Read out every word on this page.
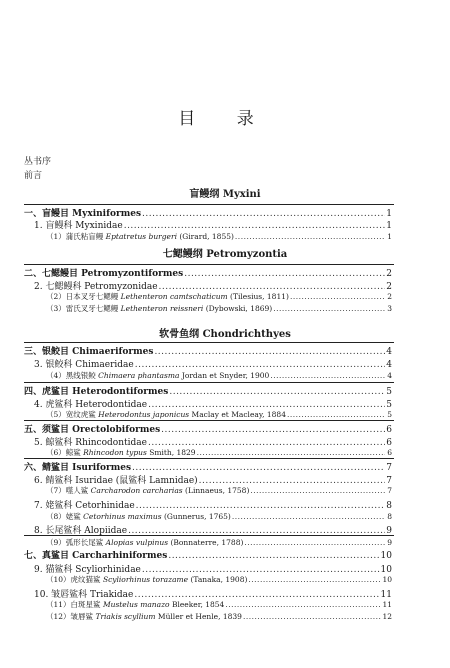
目 录
丛书序
前言
盲鳗纲 Myxini
一、盲鳗目 Myxiniformes .....	1
1. 盲鳗科 Myxinidae .....	1
（1）蒲氏粘盲鳗 Eptatretus burgeri (Girard, 1855) .....	1
七鳃鳗纲 Petromyzontia
二、七鳃鳗目 Petromyzontiformes .....	2
2. 七鳃鳗科 Petromyzonidae .....	2
（2）日本叉牙七鳃鳗 Lethenteron camtschaticum (Tilesius, 1811) .....	2
（3）雷氏叉牙七鳃鳗 Lethenteron reissneri (Dybowski, 1869) .....	3
软骨鱼纲 Chondrichthyes
三、银鲛目 Chimaeriformes .....	4
3. 银鲛科 Chimaeridae .....	4
（4）黑线银鲛 Chimaera phantasma Jordan et Snyder, 1900 .....	4
四、虎鲨目 Heterodontiformes .....	5
4. 虎鲨科 Heterodontidae .....	5
（5）宽纹虎鲨 Heterodontus japonicus Maclay et Macleay, 1884 .....	5
五、须鲨目 Orectolobiformes .....	6
5. 鲸鲨科 Rhincodontidae .....	6
（6）鲸鲨 Rhincodon typus Smith, 1829 .....	6
六、鲭鲨目 Isuriformes .....	7
6. 鲭鲨科 Isuridae (鼠鲨科 Lamnidae) .....	7
（7）噬人鲨 Carcharodon carcharias (Linnaeus, 1758) .....	7
7. 姥鲨科 Cetorhinidae .....	8
（8）姥鲨 Cetorhinus maximus (Gunnerus, 1765) .....	8
8. 长尾鲨科 Alopiidae .....	9
（9）弧形长尾鲨 Alopias vulpinus (Bonnaterre, 1788) .....	9
七、真鲨目 Carcharhiniformes .....	10
9. 猫鲨科 Scyliorhinidae .....	10
（10）虎纹猫鲨 Scyliorhinus torazame (Tanaka, 1908) .....	10
10. 皱唇鲨科 Triakidae .....	11
（11）白斑星鲨 Mustelus manazo Bleeker, 1854 .....	11
（12）皱唇鲨 Triakis scyllium Müller et Henle, 1839 .....	12
